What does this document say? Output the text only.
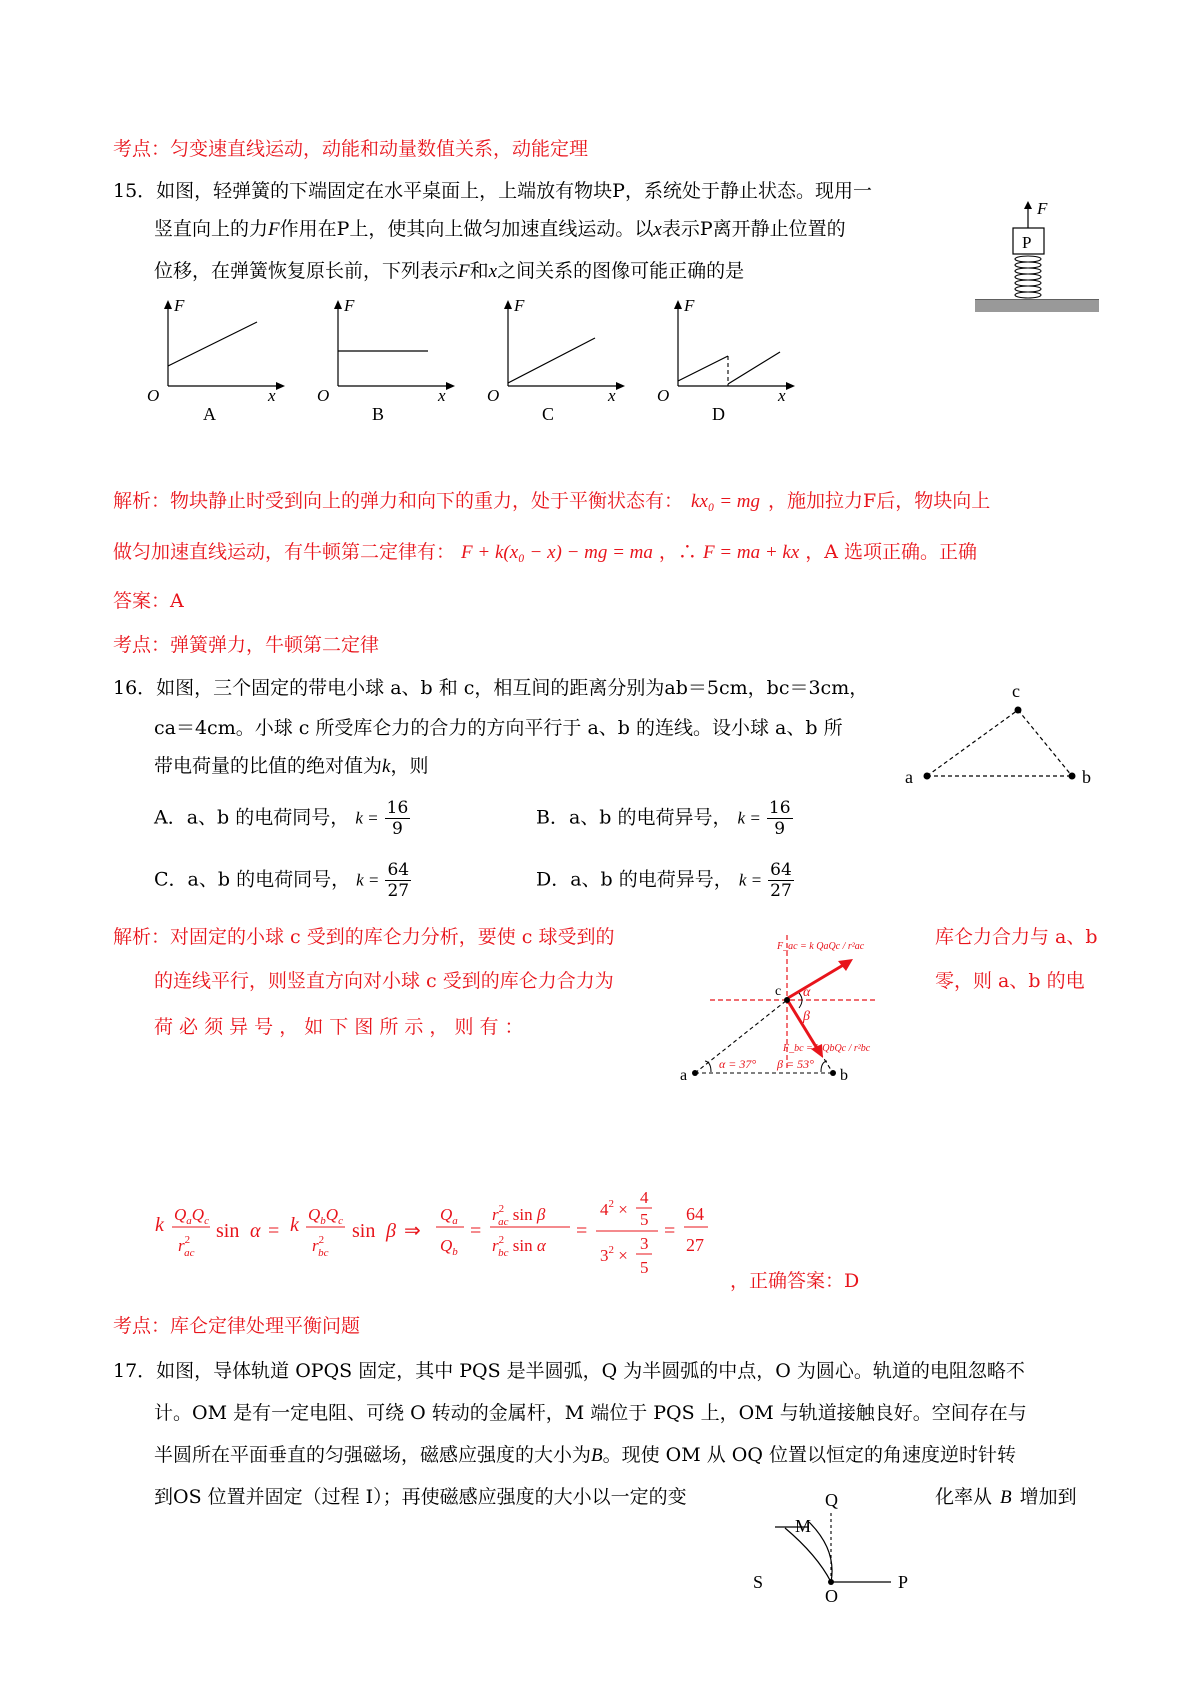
考点：匀变速直线运动，动能和动量数值关系，动能定理
15．如图，轻弹簧的下端固定在水平桌面上，上端放有物块P，系统处于静止状态。现用一
竖直向上的力F作用在P上，使其向上做匀加速直线运动。以x表示P离开静止位置的
位移，在弹簧恢复原长前，下列表示F和x之间关系的图像可能正确的是
F
P
F
x
O
A
F
x
O
B
F
x
O
C
F
x
O
D
解析：物块静止时受到向上的弹力和向下的重力，处于平衡状态有： kx₀ = mg ，施加拉力F后，物块向上
做匀加速直线运动，有牛顿第二定律有： F + k(x₀ − x) − mg = ma ，∴ F = ma + kx ，A 选项正确。正确
答案：A
考点：弹簧弹力，牛顿第二定律
16．如图，三个固定的带电小球 a、b 和 c，相互间的距离分别为ab＝5cm，bc＝3cm，
ca＝4cm。小球 c 所受库仑力的合力的方向平行于 a、b 的连线。设小球 a、b 所
带电荷量的比值的绝对值为k，则	a	b
c
A．a、b 的电荷同号， $k = \frac{16}{9}$	B．a、b 的电荷异号， $k = \frac{16}{9}$
C．a、b 的电荷同号， $k = \frac{64}{27}$	D．a、b 的电荷异号， $k = \frac{64}{27}$
解析：对固定的小球 c 受到的库仑力分析，要使 c 球受到的	库仑力合力与 a、b
的连线平行，则竖直方向对小球 c 受到的库仑力合力为	零，则 a、b 的电
荷 必 须 异 号 ， 如 下 图 所 示 ， 则 有 ：
a	b
c α
β
α = 37° β = 53°
F_ac = k QaQc / r²ac
F_bc = k QbQc / r²bc
k $Q_aQ_c$
$r^2$ ac
sin α = k $Q_bQ_c$
$r^2$ bc
sin β ⇒
$Q_a$
$Q_b$
=
$r^2$ ac sin β
$r^2$ bc sin α
=
$4^2$ ×
4
5
$3^2$ ×
3
5
=
64
27
，正确答案：D
考点：库仑定律处理平衡问题
17．如图，导体轨道 OPQS 固定，其中 PQS 是半圆弧，Q 为半圆弧的中点，O 为圆心。轨道的电阻忽略不
计。OM 是有一定电阻、可绕 O 转动的金属杆，M 端位于 PQS 上，OM 与轨道接触良好。空间存在与
半圆所在平面垂直的匀强磁场，磁感应强度的大小为B。现使 OM 从 OQ 位置以恒定的角速度逆时针转
到OS 位置并固定（过程 I）；再使磁感应强度的大小以一定的变	化率从 B 增加到
M
Q
S
O
P
